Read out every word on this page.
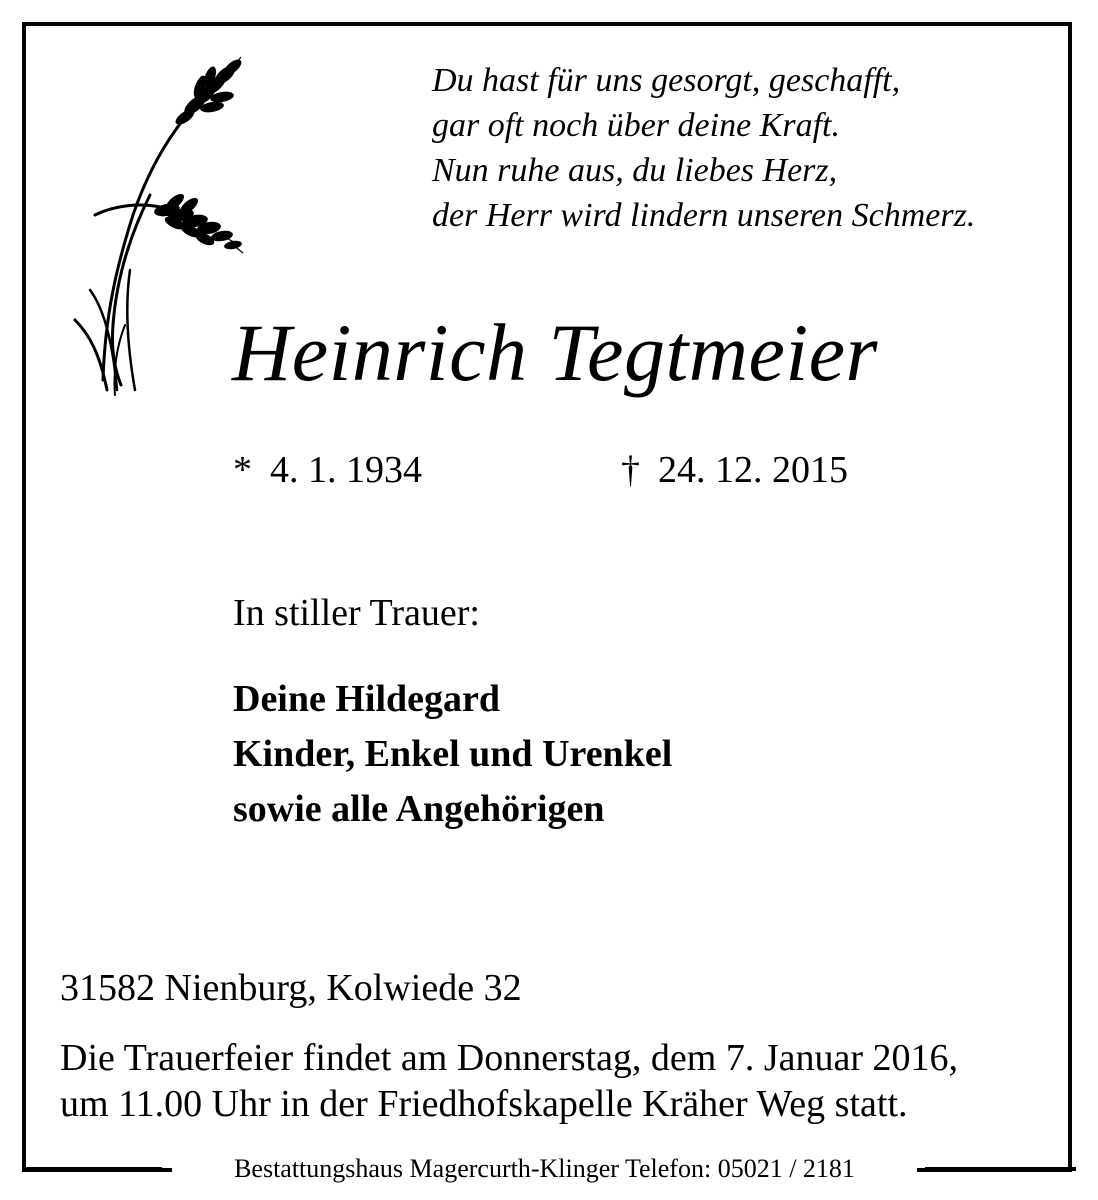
Du hast für uns gesorgt, geschafft,
gar oft noch über deine Kraft.
Nun ruhe aus, du liebes Herz,
der Herr wird lindern unseren Schmerz.
Heinrich Tegtmeier
* 4. 1. 1934	† 24. 12. 2015
In stiller Trauer:
Deine Hildegard
Kinder, Enkel und Urenkel
sowie alle Angehörigen
31582 Nienburg, Kolwiede 32
Die Trauerfeier findet am Donnerstag, dem 7. Januar 2016,
um 11.00 Uhr in der Friedhofskapelle Kräher Weg statt.
Bestattungshaus Magercurth-Klinger Telefon: 05021 / 2181
